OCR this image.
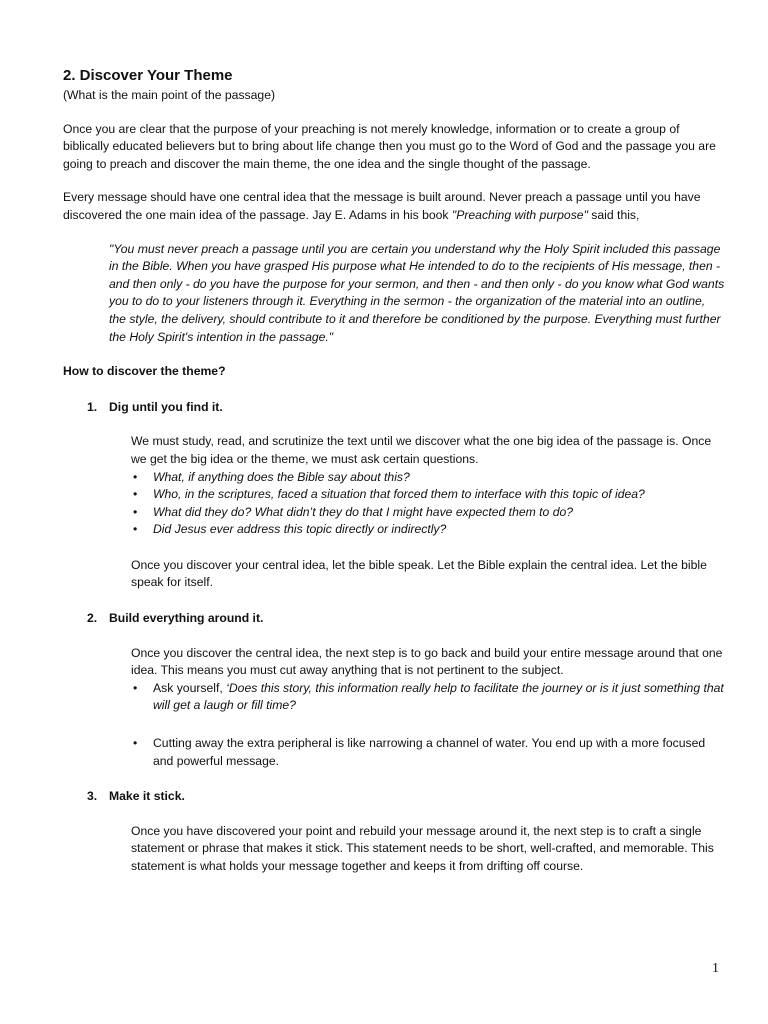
2. Discover Your Theme

(What is the main point of the passage)

Once you are clear that the purpose of your preaching is not merely knowledge, information or to create a group of biblically educated believers but to bring about life change then you must go to the Word of God and the passage you are going to preach and discover the main theme, the one idea and the single thought of the passage.

Every message should have one central idea that the message is built around. Never preach a passage until you have discovered the one main idea of the passage. Jay E. Adams in his book "Preaching with purpose" said this,

"You must never preach a passage until you are certain you understand why the Holy Spirit included this passage in the Bible. When you have grasped His purpose what He intended to do to the recipients of His message, then - and then only - do you have the purpose for your sermon, and then - and then only - do you know what God wants you to do to your listeners through it. Everything in the sermon - the organization of the material into an outline, the style, the delivery, should contribute to it and therefore be conditioned by the purpose. Everything must further the Holy Spirit's intention in the passage."

How to discover the theme?

1. Dig until you find it.

We must study, read, and scrutinize the text until we discover what the one big idea of the passage is. Once we get the big idea or the theme, we must ask certain questions.

• What, if anything does the Bible say about this?
• Who, in the scriptures, faced a situation that forced them to interface with this topic of idea?
• What did they do? What didn’t they do that I might have expected them to do?
• Did Jesus ever address this topic directly or indirectly?

Once you discover your central idea, let the bible speak. Let the Bible explain the central idea. Let the bible speak for itself.

2. Build everything around it.

Once you discover the central idea, the next step is to go back and build your entire message around that one idea. This means you must cut away anything that is not pertinent to the subject.

• Ask yourself, ‘Does this story, this information really help to facilitate the journey or is it just something that will get a laugh or fill time?
• Cutting away the extra peripheral is like narrowing a channel of water. You end up with a more focused and powerful message.
3. Make it stick.

Once you have discovered your point and rebuild your message around it, the next step is to craft a single statement or phrase that makes it stick. This statement needs to be short, well-crafted, and memorable. This statement is what holds your message together and keeps it from drifting off course.

1
